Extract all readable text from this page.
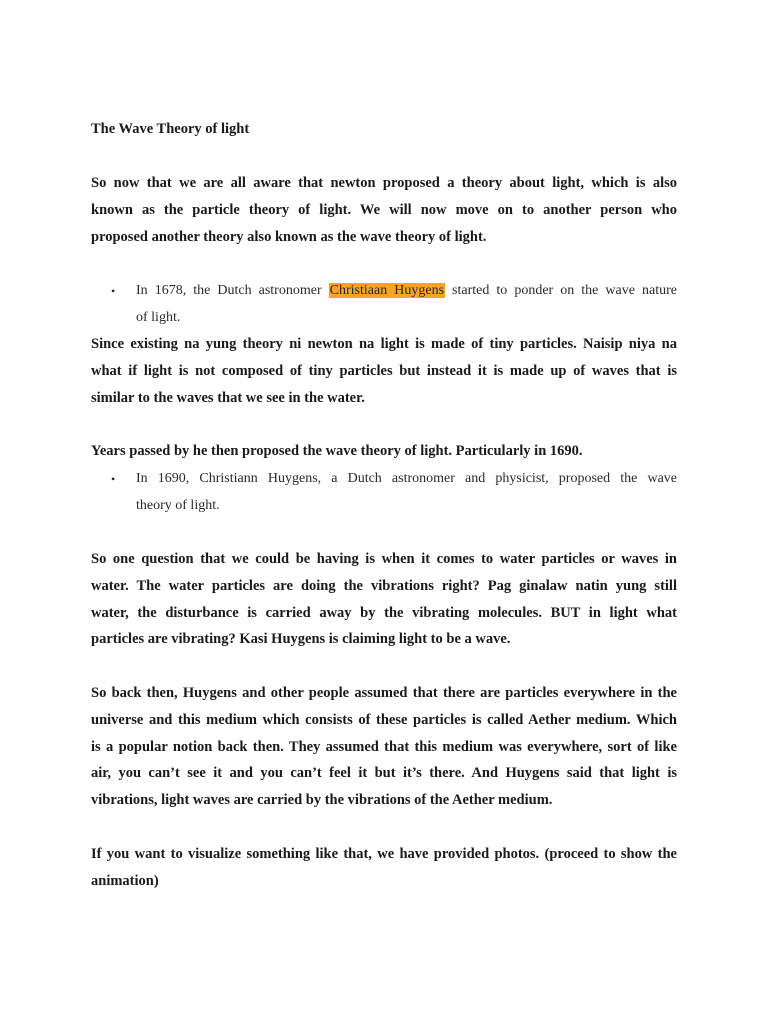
The Wave Theory of light
So now that we are all aware that newton proposed a theory about light, which is also
known as the particle theory of light. We will now move on to another person who
proposed another theory also known as the wave theory of light.
• In 1678, the Dutch astronomer Christiaan Huygens started to ponder on the wave nature
of light.
Since existing na yung theory ni newton na light is made of tiny particles. Naisip niya na
what if light is not composed of tiny particles but instead it is made up of waves that is
similar to the waves that we see in the water.
Years passed by he then proposed the wave theory of light. Particularly in 1690.
• In 1690, Christiann Huygens, a Dutch astronomer and physicist, proposed the wave
theory of light.
So one question that we could be having is when it comes to water particles or waves in
water. The water particles are doing the vibrations right? Pag ginalaw natin yung still
water, the disturbance is carried away by the vibrating molecules. BUT in light what
particles are vibrating? Kasi Huygens is claiming light to be a wave.
So back then, Huygens and other people assumed that there are particles everywhere in the
universe and this medium which consists of these particles is called Aether medium. Which
is a popular notion back then. They assumed that this medium was everywhere, sort of like
air, you can’t see it and you can’t feel it but it’s there. And Huygens said that light is
vibrations, light waves are carried by the vibrations of the Aether medium.
If you want to visualize something like that, we have provided photos. (proceed to show the
animation)
